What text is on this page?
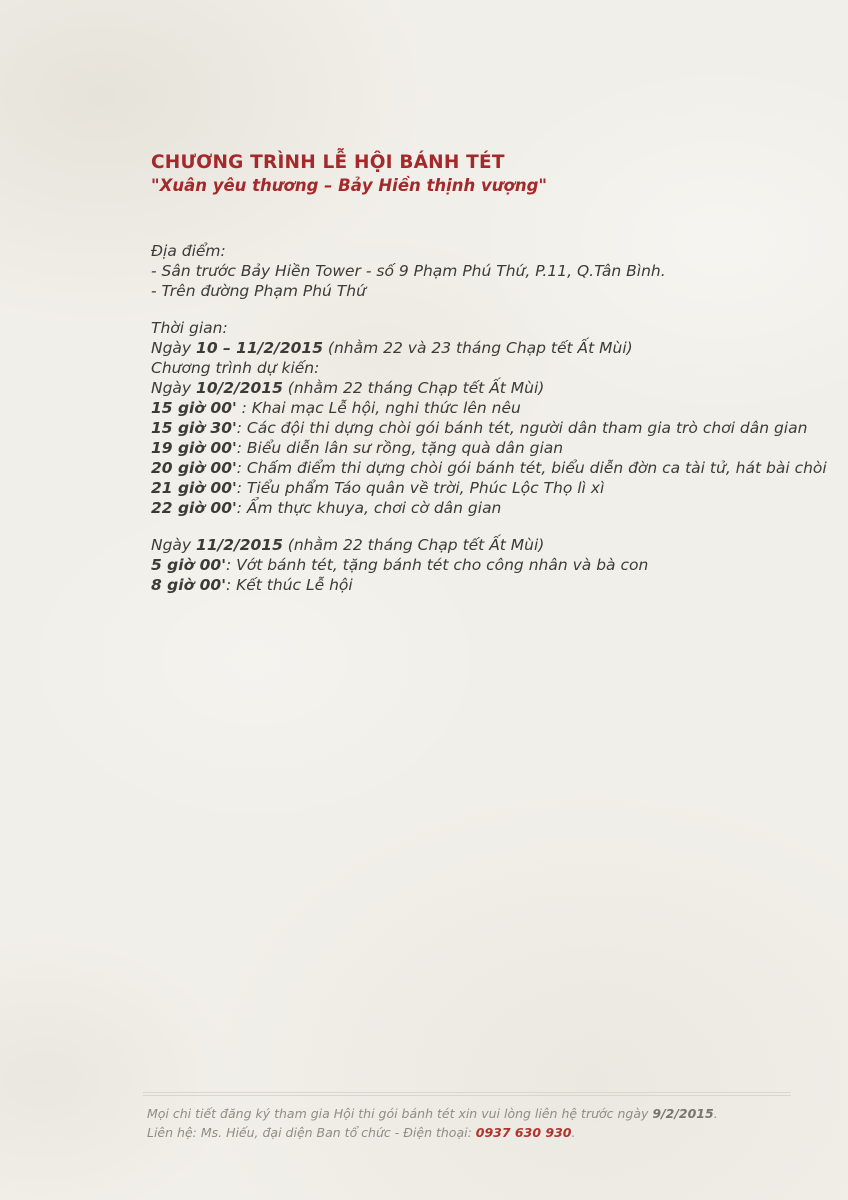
CHƯƠNG TRÌNH LỄ HỘI BÁNH TÉT

"Xuân yêu thương – Bảy Hiền thịnh vượng"

Địa điểm:

- Sân trước Bảy Hiền Tower - số 9 Phạm Phú Thứ, P.11, Q.Tân Bình.

- Trên đường Phạm Phú Thứ

Thời gian:

Ngày 10 – 11/2/2015 (nhằm 22 và 23 tháng Chạp tết Ất Mùi)

Chương trình dự kiến:

Ngày 10/2/2015 (nhằm 22 tháng Chạp tết Ất Mùi)

15 giờ 00' : Khai mạc Lễ hội, nghi thức lên nêu

15 giờ 30': Các đội thi dựng chòi gói bánh tét, người dân tham gia trò chơi dân gian

19 giờ 00': Biểu diễn lân sư rồng, tặng quà dân gian

20 giờ 00': Chấm điểm thi dựng chòi gói bánh tét, biểu diễn đờn ca tài tử, hát bài chòi

21 giờ 00': Tiểu phẩm Táo quân về trời, Phúc Lộc Thọ lì xì

22 giờ 00': Ẩm thực khuya, chơi cờ dân gian

Ngày 11/2/2015 (nhằm 22 tháng Chạp tết Ất Mùi)

5 giờ 00': Vớt bánh tét, tặng bánh tét cho công nhân và bà con

8 giờ 00': Kết thúc Lễ hội

Mọi chi tiết đăng ký tham gia Hội thi gói bánh tét xin vui lòng liên hệ trước ngày 9/2/2015.

Liên hệ: Ms. Hiếu, đại diện Ban tổ chức - Điện thoại: 0937 630 930.
